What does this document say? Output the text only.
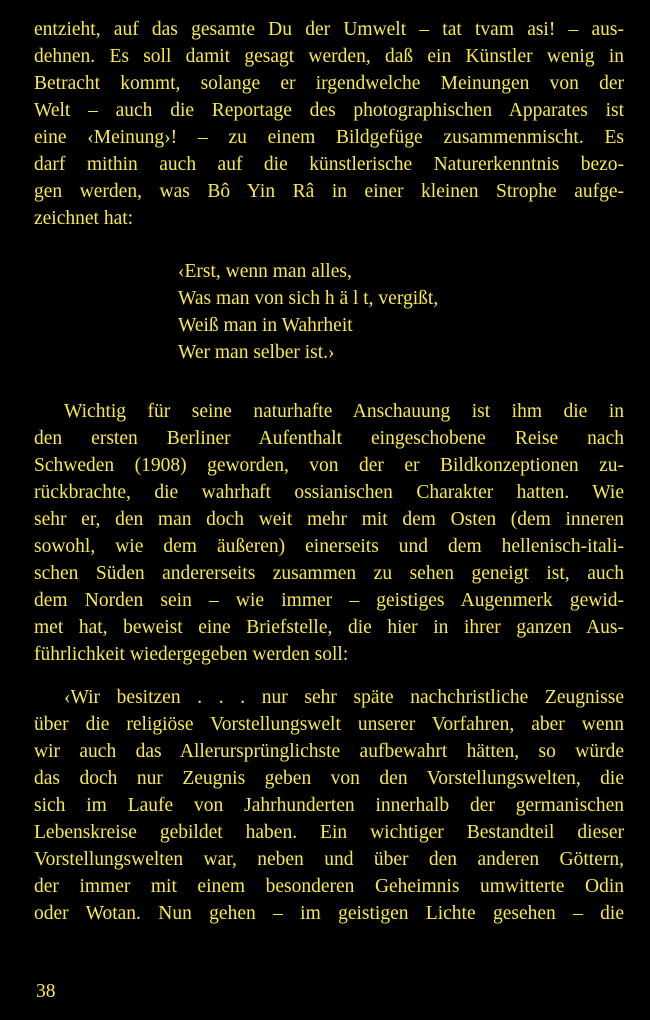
entzieht, auf das gesamte Du der Umwelt – tat tvam asi! – aus-
dehnen. Es soll damit gesagt werden, daß ein Künstler wenig in
Betracht kommt, solange er irgendwelche Meinungen von der
Welt – auch die Reportage des photographischen Apparates ist
eine ‹Meinung›! – zu einem Bildgefüge zusammenmischt. Es
darf mithin auch auf die künstlerische Naturerkenntnis bezo-
gen werden, was Bô Yin Râ in einer kleinen Strophe aufge-
zeichnet hat:
‹Erst, wenn man alles,
Was man von sich h ä l t, vergißt,
Weiß man in Wahrheit
Wer man selber ist.›
Wichtig für seine naturhafte Anschauung ist ihm die in
den ersten Berliner Aufenthalt eingeschobene Reise nach
Schweden (1908) geworden, von der er Bildkonzeptionen zu-
rückbrachte, die wahrhaft ossianischen Charakter hatten. Wie
sehr er, den man doch weit mehr mit dem Osten (dem inneren
sowohl, wie dem äußeren) einerseits und dem hellenisch-itali-
schen Süden andererseits zusammen zu sehen geneigt ist, auch
dem Norden sein – wie immer – geistiges Augenmerk gewid-
met hat, beweist eine Briefstelle, die hier in ihrer ganzen Aus-
führlichkeit wiedergegeben werden soll:
‹Wir besitzen . . . nur sehr späte nachchristliche Zeugnisse
über die religiöse Vorstellungswelt unserer Vorfahren, aber wenn
wir auch das Allerursprünglichste aufbewahrt hätten, so würde
das doch nur Zeugnis geben von den Vorstellungswelten, die
sich im Laufe von Jahrhunderten innerhalb der germanischen
Lebenskreise gebildet haben. Ein wichtiger Bestandteil dieser
Vorstellungswelten war, neben und über den anderen Göttern,
der immer mit einem besonderen Geheimnis umwitterte Odin
oder Wotan. Nun gehen – im geistigen Lichte gesehen – die
38
